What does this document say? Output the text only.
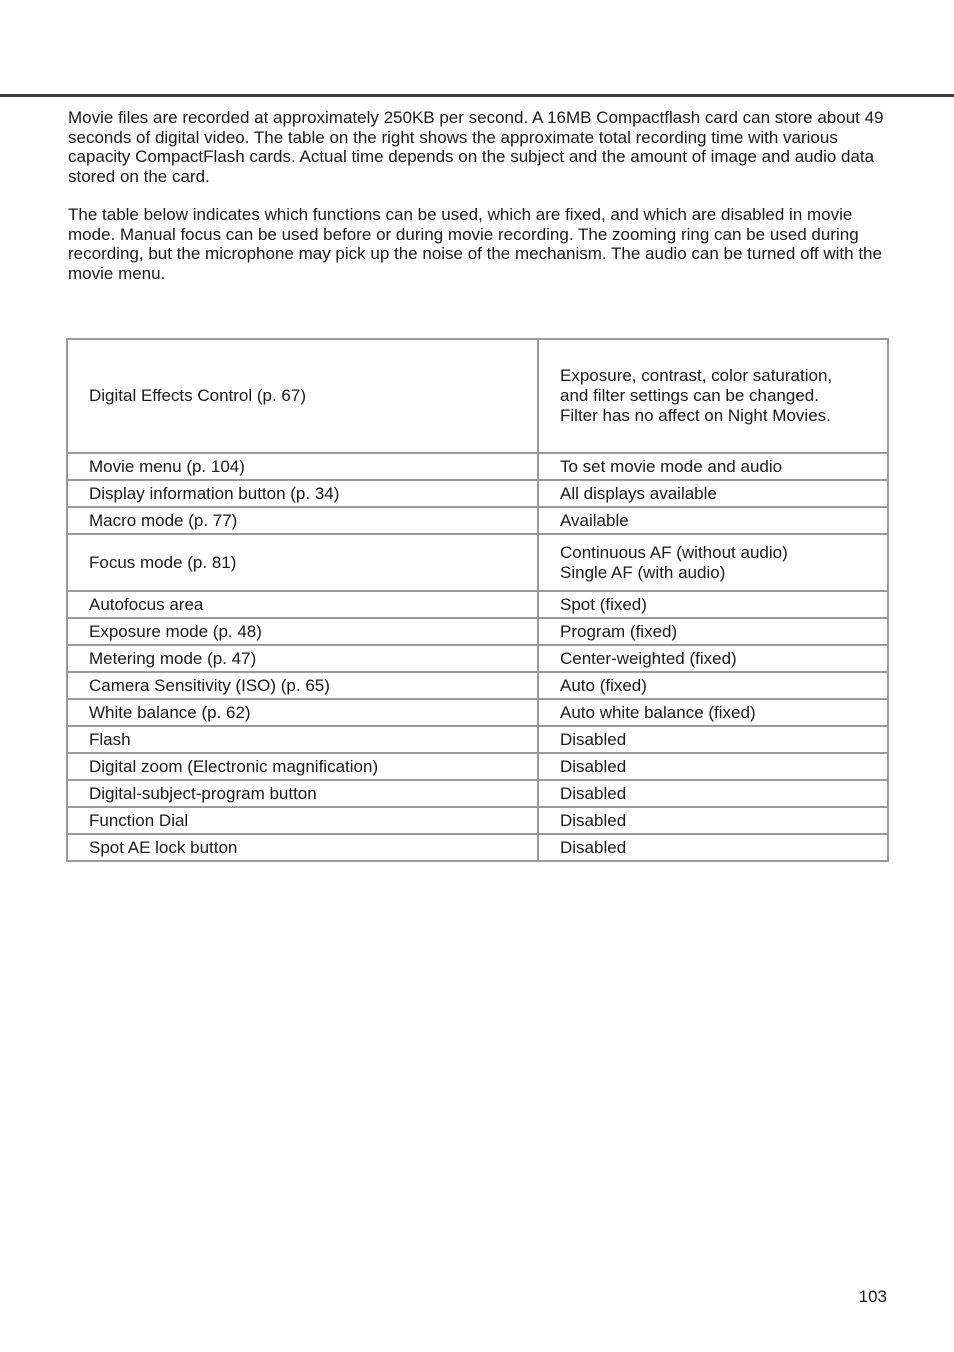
Movie files are recorded at approximately 250KB per second. A 16MB Compactflash card can store about 49 seconds of digital video. The table on the right shows the approximate total recording time with various capacity CompactFlash cards. Actual time depends on the subject and the amount of image and audio data stored on the card.

The table below indicates which functions can be used, which are fixed, and which are disabled in movie mode. Manual focus can be used before or during movie recording. The zooming ring can be used during recording, but the microphone may pick up the noise of the mechanism. The audio can be turned off with the movie menu.

Digital Effects Control (p. 67)	Exposure, contrast, color saturation,
and filter settings can be changed.
Filter has no affect on Night Movies.

Movie menu (p. 104)	To set movie mode and audio
Display information button (p. 34)	All displays available
Macro mode (p. 77)	Available
Focus mode (p. 81)	Continuous AF (without audio)
Single AF (with audio)

Autofocus area	Spot (fixed)
Exposure mode (p. 48)	Program (fixed)
Metering mode (p. 47)	Center-weighted (fixed)
Camera Sensitivity (ISO) (p. 65)	Auto (fixed)
White balance (p. 62)	Auto white balance (fixed)
Flash	Disabled
Digital zoom (Electronic magnification)	Disabled
Digital-subject-program button	Disabled
Function Dial	Disabled
Spot AE lock button	Disabled
103
